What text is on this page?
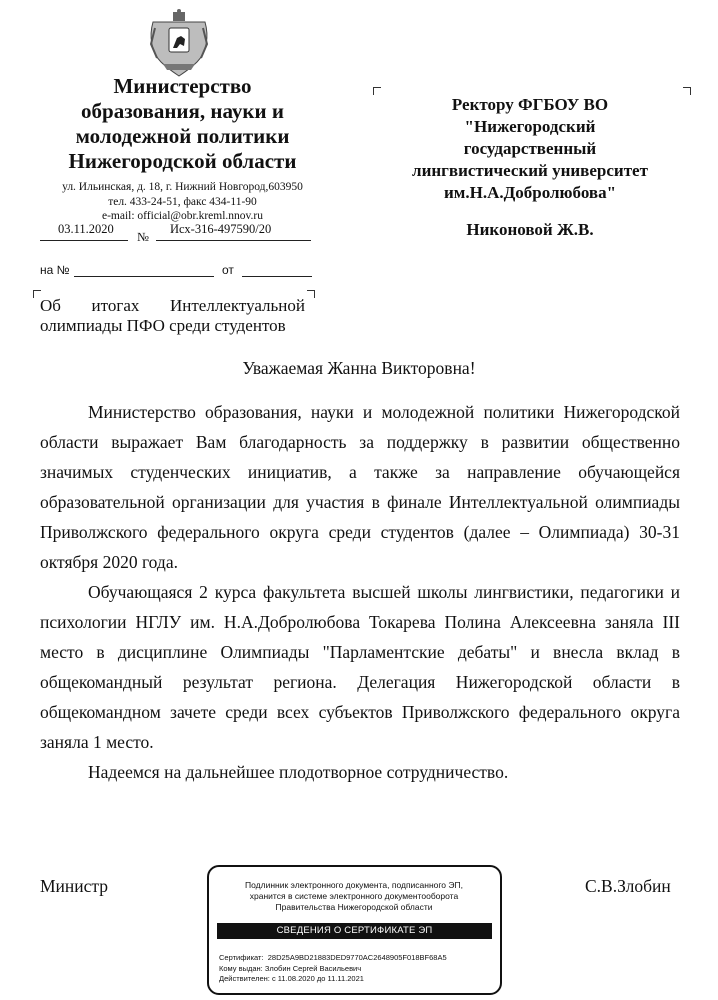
Министерство
образования, науки и
молодежной политики
Нижегородской области
ул. Ильинская, д. 18, г. Нижний Новгород,603950
тел. 433-24-51, факс 434-11-90
e-mail: official@obr.kreml.nnov.ru
03.11.2020
№
Исх-316-497590/20
на №	от
Ректору ФГБОУ ВО
"Нижегородский
государственный
лингвистический университет
им.Н.А.Добролюбова"
Никоновой Ж.В.
Об итогах Интеллектуальной олимпиады ПФО среди студентов
Уважаемая Жанна Викторовна!

Министерство образования, науки и молодежной политики Нижегородской области выражает Вам благодарность за поддержку в развитии общественно значимых студенческих инициатив, а также за направление обучающейся образовательной организации для участия в финале Интеллектуальной олимпиады Приволжского федерального округа среди студентов (далее – Олимпиада) 30-31 октября 2020 года.

Обучающаяся 2 курса факультета высшей школы лингвистики, педагогики и психологии НГЛУ им. Н.А.Добролюбова Токарева Полина Алексеевна заняла III место в дисциплине Олимпиады "Парламентские дебаты" и внесла вклад в общекомандный результат региона. Делегация Нижегородской области в общекомандном зачете среди всех субъектов Приволжского федерального округа заняла 1 место.

Надеемся на дальнейшее плодотворное сотрудничество.

Министр	С.В.Злобин
Подлинник электронного документа, подписанного ЭП,
хранится в системе электронного документооборота
Правительства Нижегородской области
СВЕДЕНИЯ О СЕРТИФИКАТЕ ЭП
Сертификат: 28D25A9BD21883DED9770AC2648905F018BF68A5
Кому выдан: Злобин Сергей Васильевич
Действителен: с 11.08.2020 до 11.11.2021
